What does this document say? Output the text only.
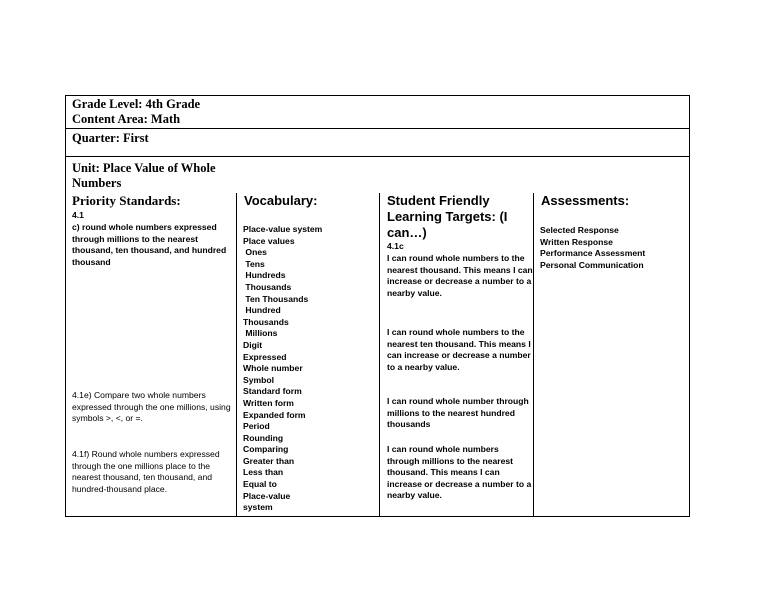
Grade Level: 4th Grade
Content Area: Math
Quarter: First
Unit: Place Value of Whole
Numbers
Priority Standards:
4.1
c) round whole numbers expressed through millions to the nearest thousand, ten thousand, and hundred thousand
4.1e) Compare two whole numbers expressed through the one millions, using symbols >, <, or =.
4.1f) Round whole numbers expressed through the one millions place to the nearest thousand, ten thousand, and hundred-thousand place.
Vocabulary:
Place-value system
Place values
Ones
Tens
Hundreds
Thousands
Ten Thousands
Hundred
Thousands
Millions
Digit
Expressed
Whole number
Symbol
Standard form
Written form
Expanded form
Period
Rounding
Comparing
Greater than
Less than
Equal to
Place-value
system
Student Friendly Learning Targets: (I can…)
4.1c
I can round whole numbers to the nearest thousand. This means I can increase or decrease a number to a nearby value.
I can round whole numbers to the nearest ten thousand. This means I can increase or decrease a number to a nearby value.
I can round whole number through millions to the nearest hundred thousands
I can round whole numbers through millions to the nearest thousand. This means I can increase or decrease a number to a nearby value.
Assessments:
Selected Response
Written Response
Performance Assessment
Personal Communication
